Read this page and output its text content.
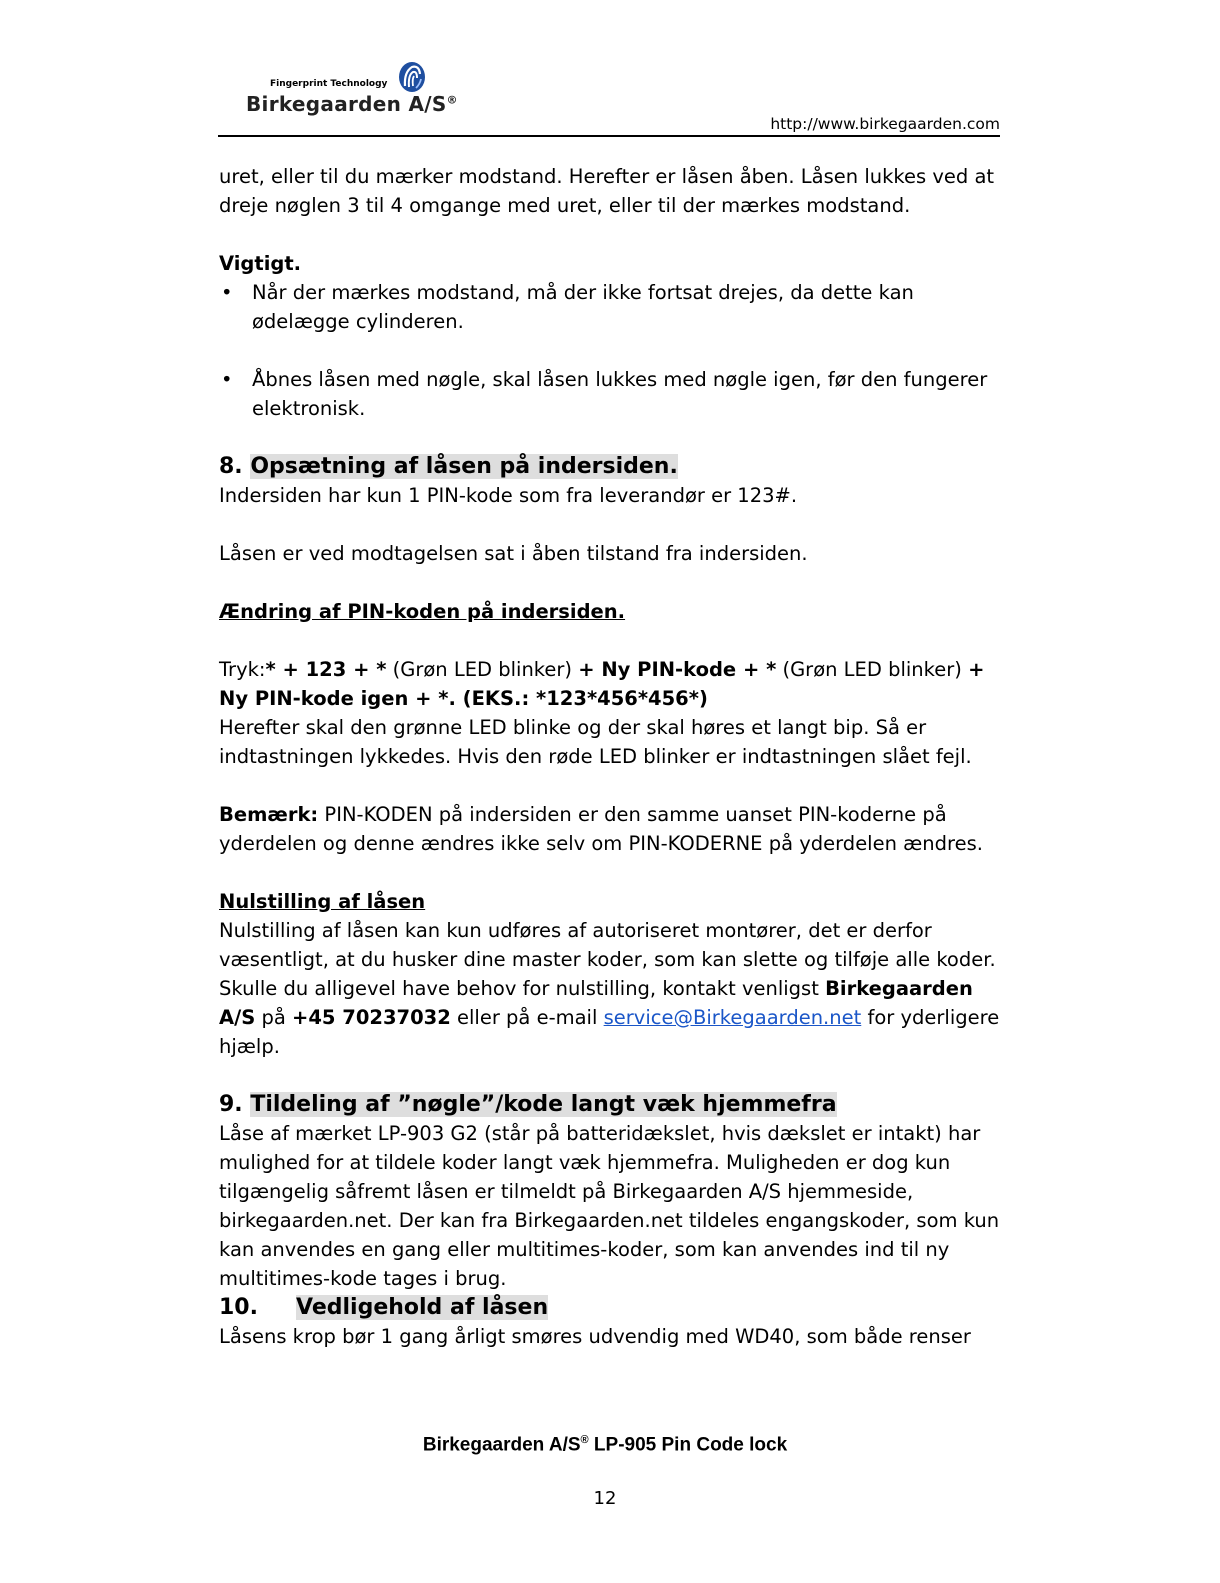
Fingerprint Technology
Birkegaarden A/S®
http://www.birkegaarden.com

uret, eller til du mærker modstand. Herefter er låsen åben. Låsen lukkes ved at dreje nøglen 3 til 4 omgange med uret, eller til der mærkes modstand.

Vigtigt.

• Når der mærkes modstand, må der ikke fortsat drejes, da dette kan ødelægge cylinderen.
• Åbnes låsen med nøgle, skal låsen lukkes med nøgle igen, før den fungerer elektronisk.
8. Opsætning af låsen på indersiden.

Indersiden har kun 1 PIN-kode som fra leverandør er 123#.

Låsen er ved modtagelsen sat i åben tilstand fra indersiden.

Ændring af PIN-koden på indersiden.

Tryk:* + 123 + * (Grøn LED blinker) + Ny PIN-kode + * (Grøn LED blinker) + Ny PIN-kode igen + *. (EKS.: *123*456*456*)

Herefter skal den grønne LED blinke og der skal høres et langt bip. Så er indtastningen lykkedes. Hvis den røde LED blinker er indtastningen slået fejl.

Bemærk: PIN-KODEN på indersiden er den samme uanset PIN-koderne på yderdelen og denne ændres ikke selv om PIN-KODERNE på yderdelen ændres.

Nulstilling af låsen

Nulstilling af låsen kan kun udføres af autoriseret montører, det er derfor væsentligt, at du husker dine master koder, som kan slette og tilføje alle koder. Skulle du alligevel have behov for nulstilling, kontakt venligst Birkegaarden A/S på +45 70237032 eller på e-mail service@Birkegaarden.net for yderligere hjælp.

9. Tildeling af ”nøgle”/kode langt væk hjemmefra

Låse af mærket LP-903 G2 (står på batteridækslet, hvis dækslet er intakt) har mulighed for at tildele koder langt væk hjemmefra. Muligheden er dog kun tilgængelig såfremt låsen er tilmeldt på Birkegaarden A/S hjemmeside, birkegaarden.net. Der kan fra Birkegaarden.net tildeles engangskoder, som kun kan anvendes en gang eller multitimes-koder, som kan anvendes ind til ny multitimes-kode tages i brug.

10. Vedligehold af låsen

Låsens krop bør 1 gang årligt smøres udvendig med WD40, som både renser

Birkegaarden A/S® LP-905 Pin Code lock
12
